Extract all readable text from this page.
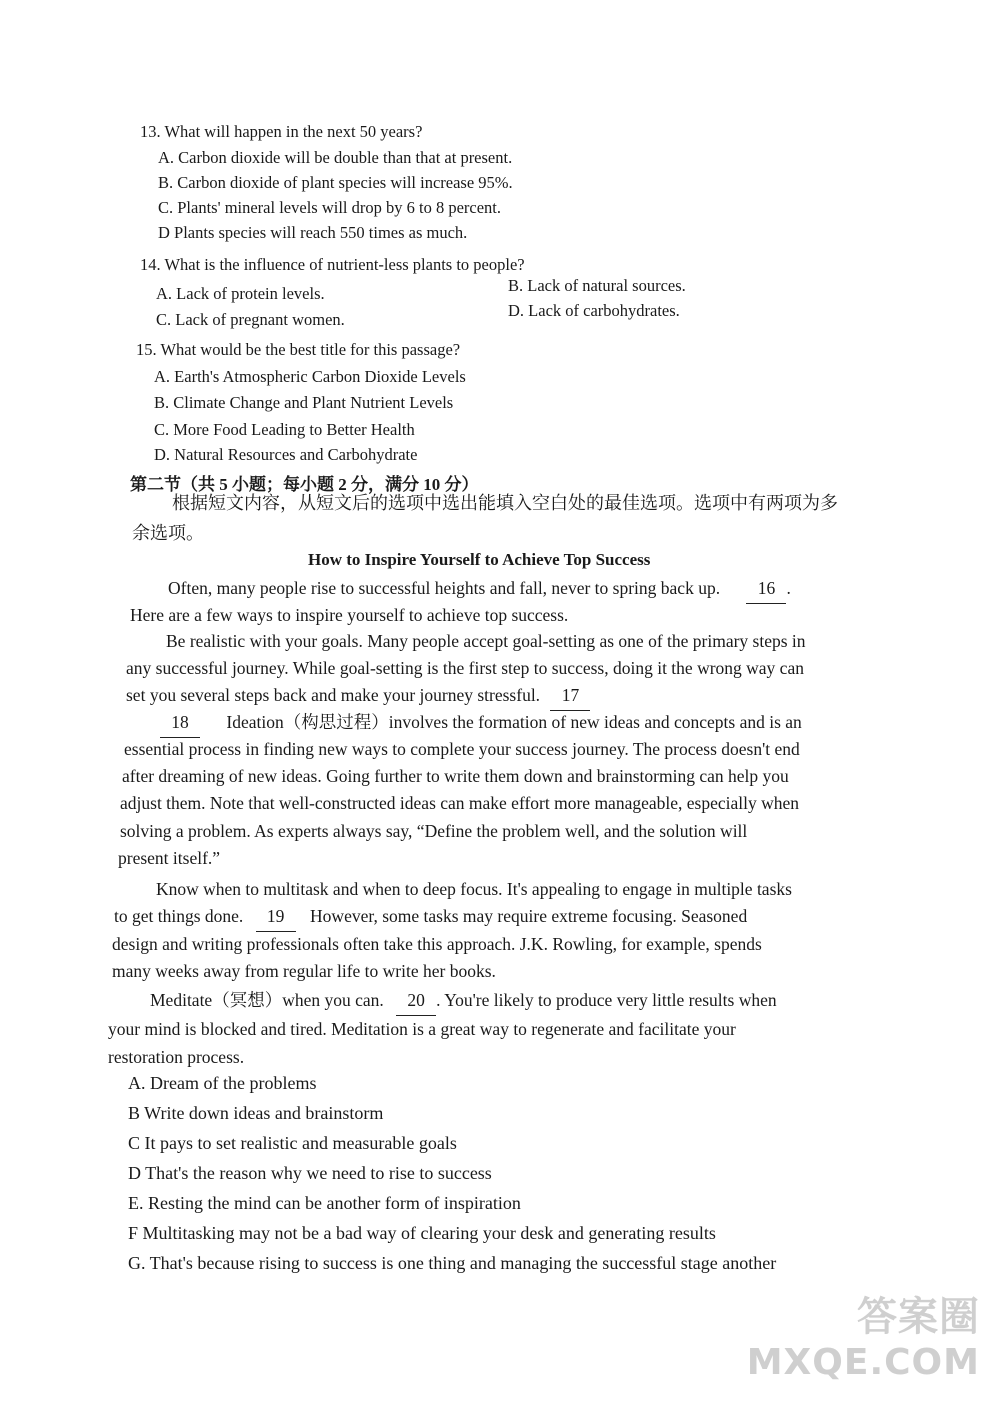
13. What will happen in the next 50 years?
A. Carbon dioxide will be double than that at present.
B. Carbon dioxide of plant species will increase 95%.
C. Plants' mineral levels will drop by 6 to 8 percent.
D Plants species will reach 550 times as much.
14. What is the influence of nutrient-less plants to people?
A. Lack of protein levels.	B. Lack of natural sources.
C. Lack of pregnant women.	D. Lack of carbohydrates.
15. What would be the best title for this passage?
A. Earth's Atmospheric Carbon Dioxide Levels
B. Climate Change and Plant Nutrient Levels
C. More Food Leading to Better Health
D. Natural Resources and Carbohydrate
第二节（共 5 小题；每小题 2 分，满分 10 分）
根据短文内容，从短文后的选项中选出能填入空白处的最佳选项。选项中有两项为多
余选项。
How to Inspire Yourself to Achieve Top Success
Often, many people rise to successful heights and fall, never to spring back up. 16 .
Here are a few ways to inspire yourself to achieve top success.
Be realistic with your goals. Many people accept goal-setting as one of the primary steps in
any successful journey. While goal-setting is the first step to success, doing it the wrong way can
set you several steps back and make your journey stressful. 17
18 Ideation（构思过程）involves the formation of new ideas and concepts and is an
essential process in finding new ways to complete your success journey. The process doesn't end
after dreaming of new ideas. Going further to write them down and brainstorming can help you
adjust them. Note that well-constructed ideas can make effort more manageable, especially when
solving a problem. As experts always say, “Define the problem well, and the solution will
present itself.”
Know when to multitask and when to deep focus. It's appealing to engage in multiple tasks
to get things done. 19 However, some tasks may require extreme focusing. Seasoned
design and writing professionals often take this approach. J.K. Rowling, for example, spends
many weeks away from regular life to write her books.
Meditate（冥想）when you can. 20 . You're likely to produce very little results when
your mind is blocked and tired. Meditation is a great way to regenerate and facilitate your
restoration process.
A. Dream of the problems
B Write down ideas and brainstorm
C It pays to set realistic and measurable goals
D That's the reason why we need to rise to success
E. Resting the mind can be another form of inspiration
F Multitasking may not be a bad way of clearing your desk and generating results
G. That's because rising to success is one thing and managing the successful stage another
答案圈
MXQE.COM
